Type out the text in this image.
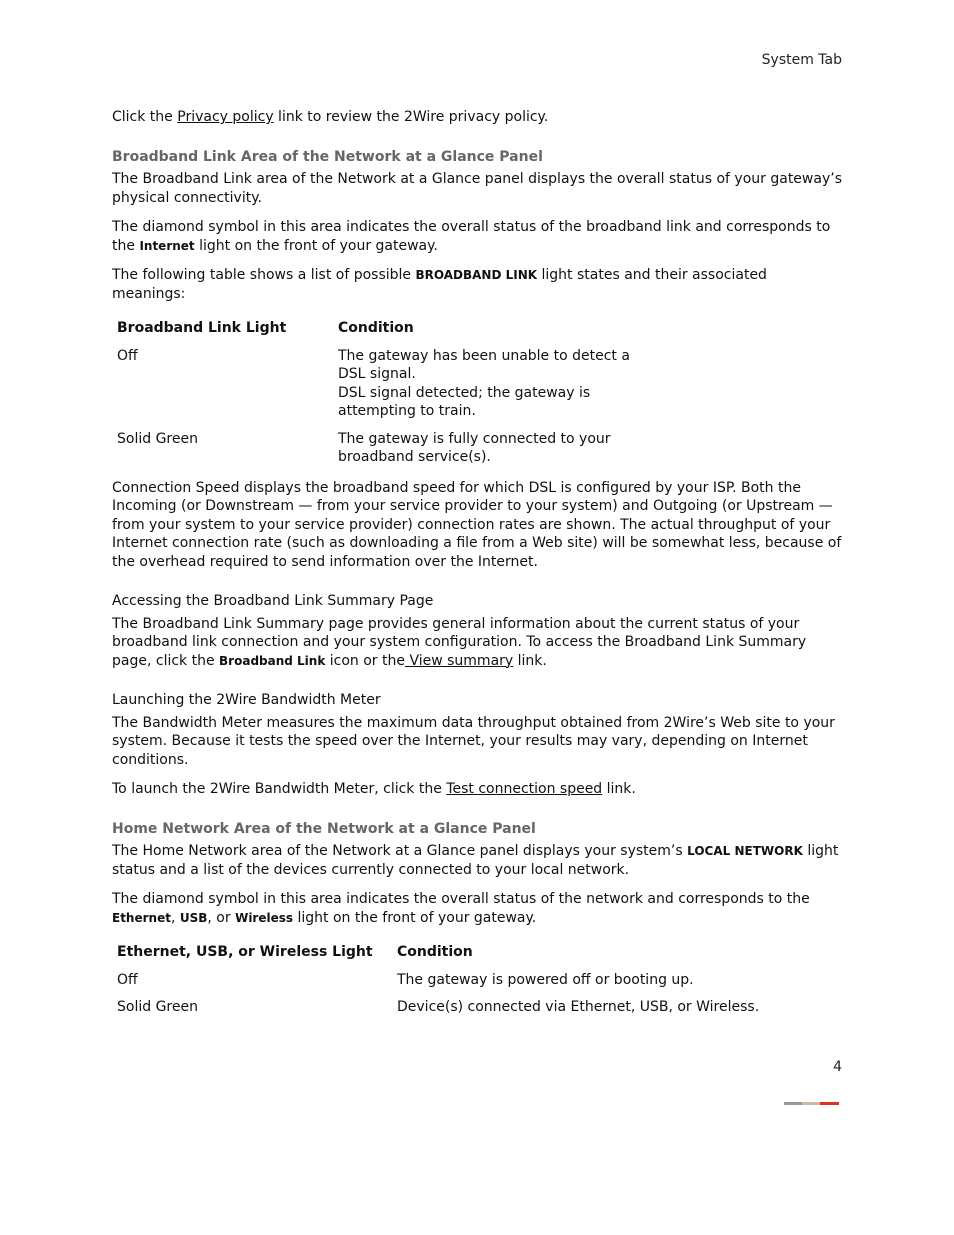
System Tab

Click the Privacy policy link to review the 2Wire privacy policy.

Broadband Link Area of the Network at a Glance Panel

The Broadband Link area of the Network at a Glance panel displays the overall status of your gateway’s physical connectivity.

The diamond symbol in this area indicates the overall status of the broadband link and corresponds to the Internet light on the front of your gateway.

The following table shows a list of possible BROADBAND LINK light states and their associated meanings:

Broadband Link Light	Condition
Off	The gateway has been unable to detect a DSL signal.
DSL signal detected; the gateway is attempting to train.

Solid Green	The gateway is fully connected to your broadband service(s).

Connection Speed displays the broadband speed for which DSL is configured by your ISP. Both the Incoming (or Downstream — from your service provider to your system) and Outgoing (or Upstream — from your system to your service provider) connection rates are shown. The actual throughput of your Internet connection rate (such as downloading a file from a Web site) will be somewhat less, because of the overhead required to send information over the Internet.

Accessing the Broadband Link Summary Page

The Broadband Link Summary page provides general information about the current status of your broadband link connection and your system configuration. To access the Broadband Link Summary page, click the Broadband Link icon or the View summary link.

Launching the 2Wire Bandwidth Meter

The Bandwidth Meter measures the maximum data throughput obtained from 2Wire’s Web site to your system. Because it tests the speed over the Internet, your results may vary, depending on Internet conditions.

To launch the 2Wire Bandwidth Meter, click the Test connection speed link.

Home Network Area of the Network at a Glance Panel

The Home Network area of the Network at a Glance panel displays your system’s LOCAL NETWORK light status and a list of the devices currently connected to your local network.

The diamond symbol in this area indicates the overall status of the network and corresponds to the Ethernet, USB, or Wireless light on the front of your gateway.

Ethernet, USB, or Wireless Light	Condition
Off	The gateway is powered off or booting up.
Solid Green	Device(s) connected via Ethernet, USB, or Wireless.
4
